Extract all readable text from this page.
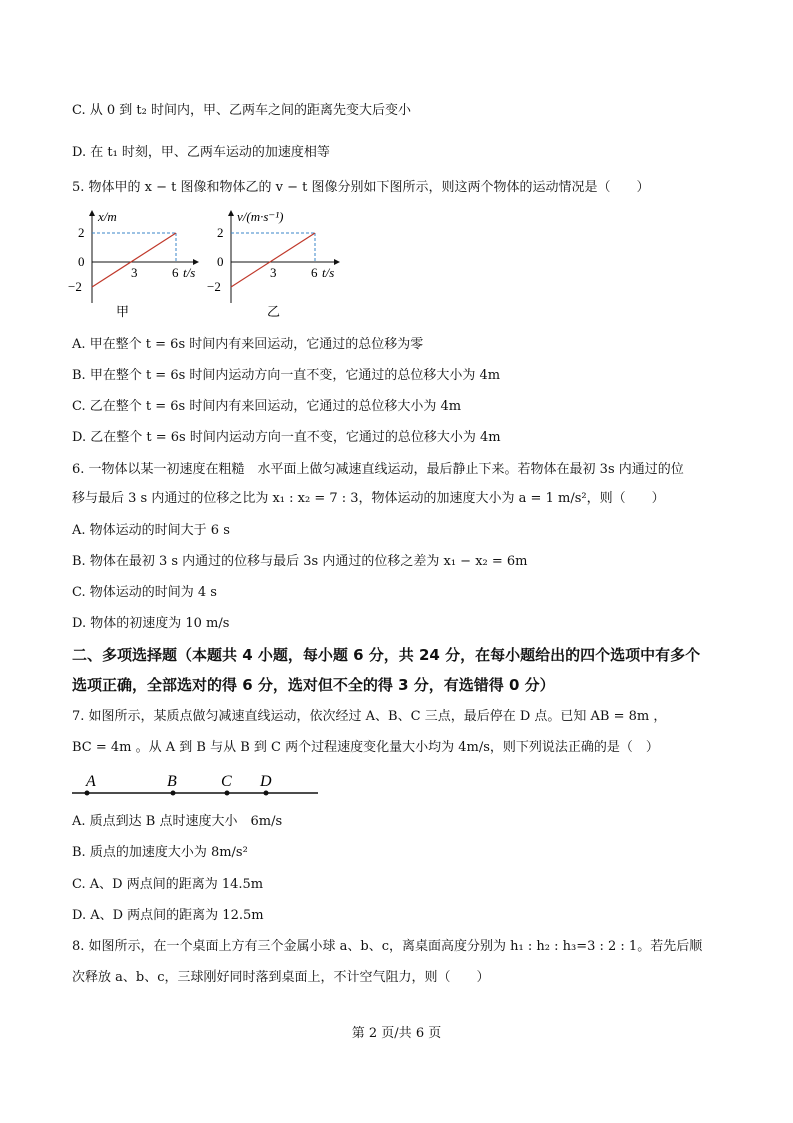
C. 从 0 到 t₂ 时间内，甲、乙两车之间的距离先变大后变小
D. 在 t₁ 时刻，甲、乙两车运动的加速度相等
5. 物体甲的 x − t 图像和物体乙的 v − t 图像分别如下图所示，则这两个物体的运动情况是（　　）
x/m
2
0
−2
3	6 t/s
甲
v/(m·s⁻¹)
2
0
−2
3	6 t/s
乙
A. 甲在整个 t = 6s 时间内有来回运动，它通过的总位移为零
B. 甲在整个 t = 6s 时间内运动方向一直不变，它通过的总位移大小为 4m
C. 乙在整个 t = 6s 时间内有来回运动，它通过的总位移大小为 4m
D. 乙在整个 t = 6s 时间内运动方向一直不变，它通过的总位移大小为 4m
6. 一物体以某一初速度在粗糙　水平面上做匀减速直线运动，最后静止下来。若物体在最初 3s 内通过的位
移与最后 3 s 内通过的位移之比为 x₁ : x₂ = 7 : 3，物体运动的加速度大小为 a = 1 m/s²，则（　　）
A. 物体运动的时间大于 6 s
B. 物体在最初 3 s 内通过的位移与最后 3s 内通过的位移之差为 x₁ − x₂ = 6m
C. 物体运动的时间为 4 s
D. 物体的初速度为 10 m/s
二、多项选择题（本题共 4 小题，每小题 6 分，共 24 分，在每小题给出的四个选项中有多个
选项正确，全部选对的得 6 分，选对但不全的得 3 分，有选错得 0 分）
7. 如图所示，某质点做匀减速直线运动，依次经过 A、B、C 三点，最后停在 D 点。已知 AB = 8m ，
BC = 4m 。从 A 到 B 与从 B 到 C 两个过程速度变化量大小均为 4m/s，则下列说法正确的是（　）
A	B	C D
A. 质点到达 B 点时速度大小　6m/s
B. 质点的加速度大小为 8m/s²
C. A、D 两点间的距离为 14.5m
D. A、D 两点间的距离为 12.5m
8. 如图所示，在一个桌面上方有三个金属小球 a、b、c，离桌面高度分别为 h₁ : h₂ : h₃=3 : 2 : 1。若先后顺
次释放 a、b、c，三球刚好同时落到桌面上，不计空气阻力，则（　　）
第 2 页/共 6 页
